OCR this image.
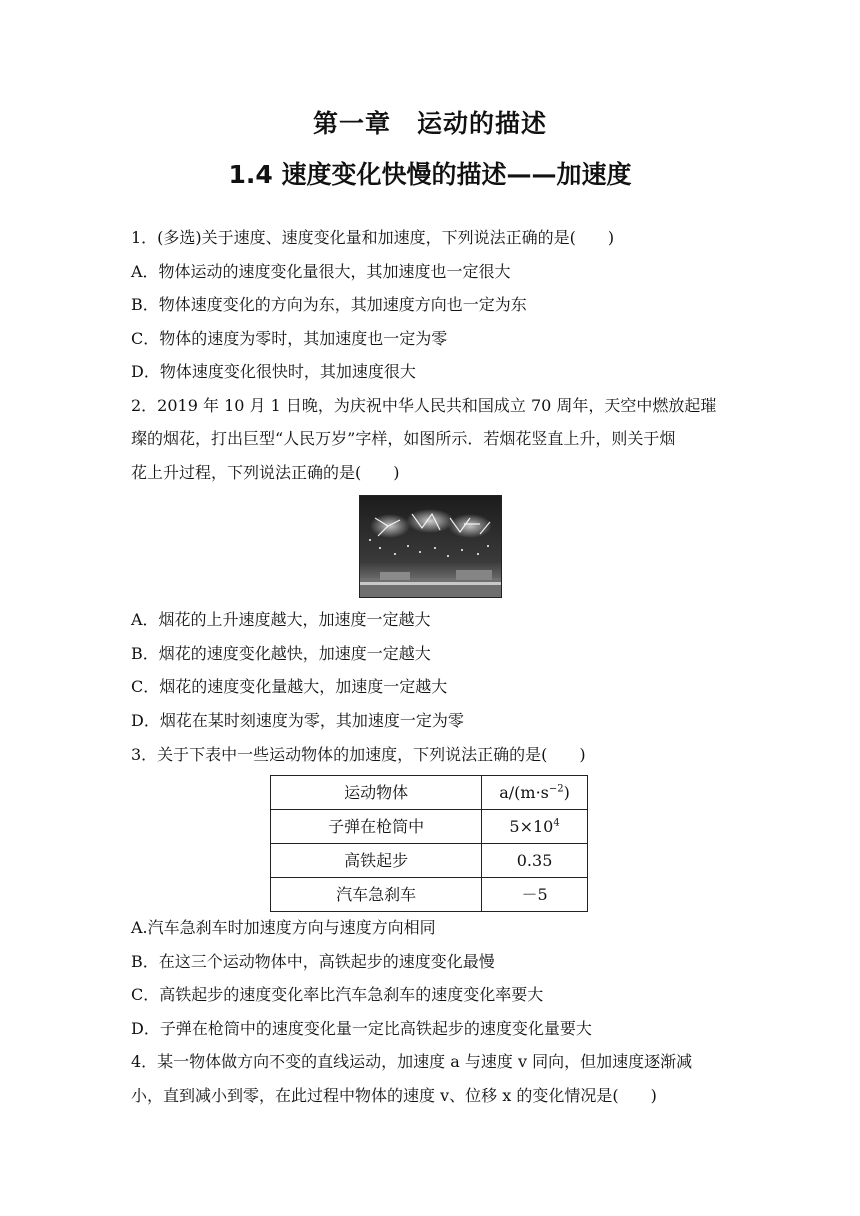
第一章　运动的描述
1.4 速度变化快慢的描述——加速度
1．(多选)关于速度、速度变化量和加速度，下列说法正确的是(　　)
A．物体运动的速度变化量很大，其加速度也一定很大
B．物体速度变化的方向为东，其加速度方向也一定为东
C．物体的速度为零时，其加速度也一定为零
D．物体速度变化很快时，其加速度很大
2．2019 年 10 月 1 日晚，为庆祝中华人民共和国成立 70 周年，天空中燃放起璀
璨的烟花，打出巨型“人民万岁”字样，如图所示．若烟花竖直上升，则关于烟
花上升过程，下列说法正确的是(　　)
A．烟花的上升速度越大，加速度一定越大
B．烟花的速度变化越快，加速度一定越大
C．烟花的速度变化量越大，加速度一定越大
D．烟花在某时刻速度为零，其加速度一定为零
3．关于下表中一些运动物体的加速度，下列说法正确的是(　　)
运动物体	$a/(m\cdot s^{-2})$
子弹在枪筒中	$5\times 10^4$
高铁起步	0.35
汽车急刹车	－5
A.汽车急刹车时加速度方向与速度方向相同
B．在这三个运动物体中，高铁起步的速度变化最慢
C．高铁起步的速度变化率比汽车急刹车的速度变化率要大
D．子弹在枪筒中的速度变化量一定比高铁起步的速度变化量要大
4．某一物体做方向不变的直线运动，加速度 a 与速度 v 同向，但加速度逐渐减
小，直到减小到零，在此过程中物体的速度 v、位移 x 的变化情况是(　　)
